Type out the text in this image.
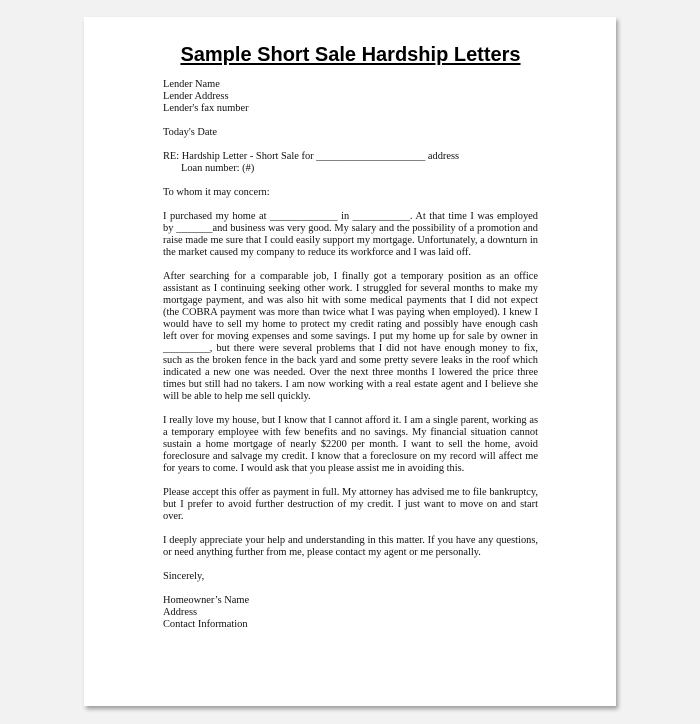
Sample Short Sale Hardship Letters
Lender Name
Lender Address
Lender's fax number
Today's Date
RE: Hardship Letter - Short Sale for _____________________ address
Loan number: (#)
To whom it may concern:

I purchased my home at _____________ in ___________. At that time I was employed by _______and business was very good. My salary and the possibility of a promotion and raise made me sure that I could easily support my mortgage. Unfortunately, a downturn in the market caused my company to reduce its workforce and I was laid off.

After searching for a comparable job, I finally got a temporary position as an office assistant as I continuing seeking other work. I struggled for several months to make my mortgage payment, and was also hit with some medical payments that I did not expect (the COBRA payment was more than twice what I was paying when employed). I knew I would have to sell my home to protect my credit rating and possibly have enough cash left over for moving expenses and some savings. I put my home up for sale by owner in _________, but there were several problems that I did not have enough money to fix, such as the broken fence in the back yard and some pretty severe leaks in the roof which indicated a new one was needed. Over the next three months I lowered the price three times but still had no takers. I am now working with a real estate agent and I believe she will be able to help me sell quickly.

I really love my house, but I know that I cannot afford it. I am a single parent, working as a temporary employee with few benefits and no savings. My financial situation cannot sustain a home mortgage of nearly $2200 per month. I want to sell the home, avoid foreclosure and salvage my credit. I know that a foreclosure on my record will affect me for years to come. I would ask that you please assist me in avoiding this.

Please accept this offer as payment in full. My attorney has advised me to file bankruptcy, but I prefer to avoid further destruction of my credit. I just want to move on and start over.

I deeply appreciate your help and understanding in this matter. If you have any questions, or need anything further from me, please contact my agent or me personally.

Sincerely,
Homeowner’s Name
Address
Contact Information
